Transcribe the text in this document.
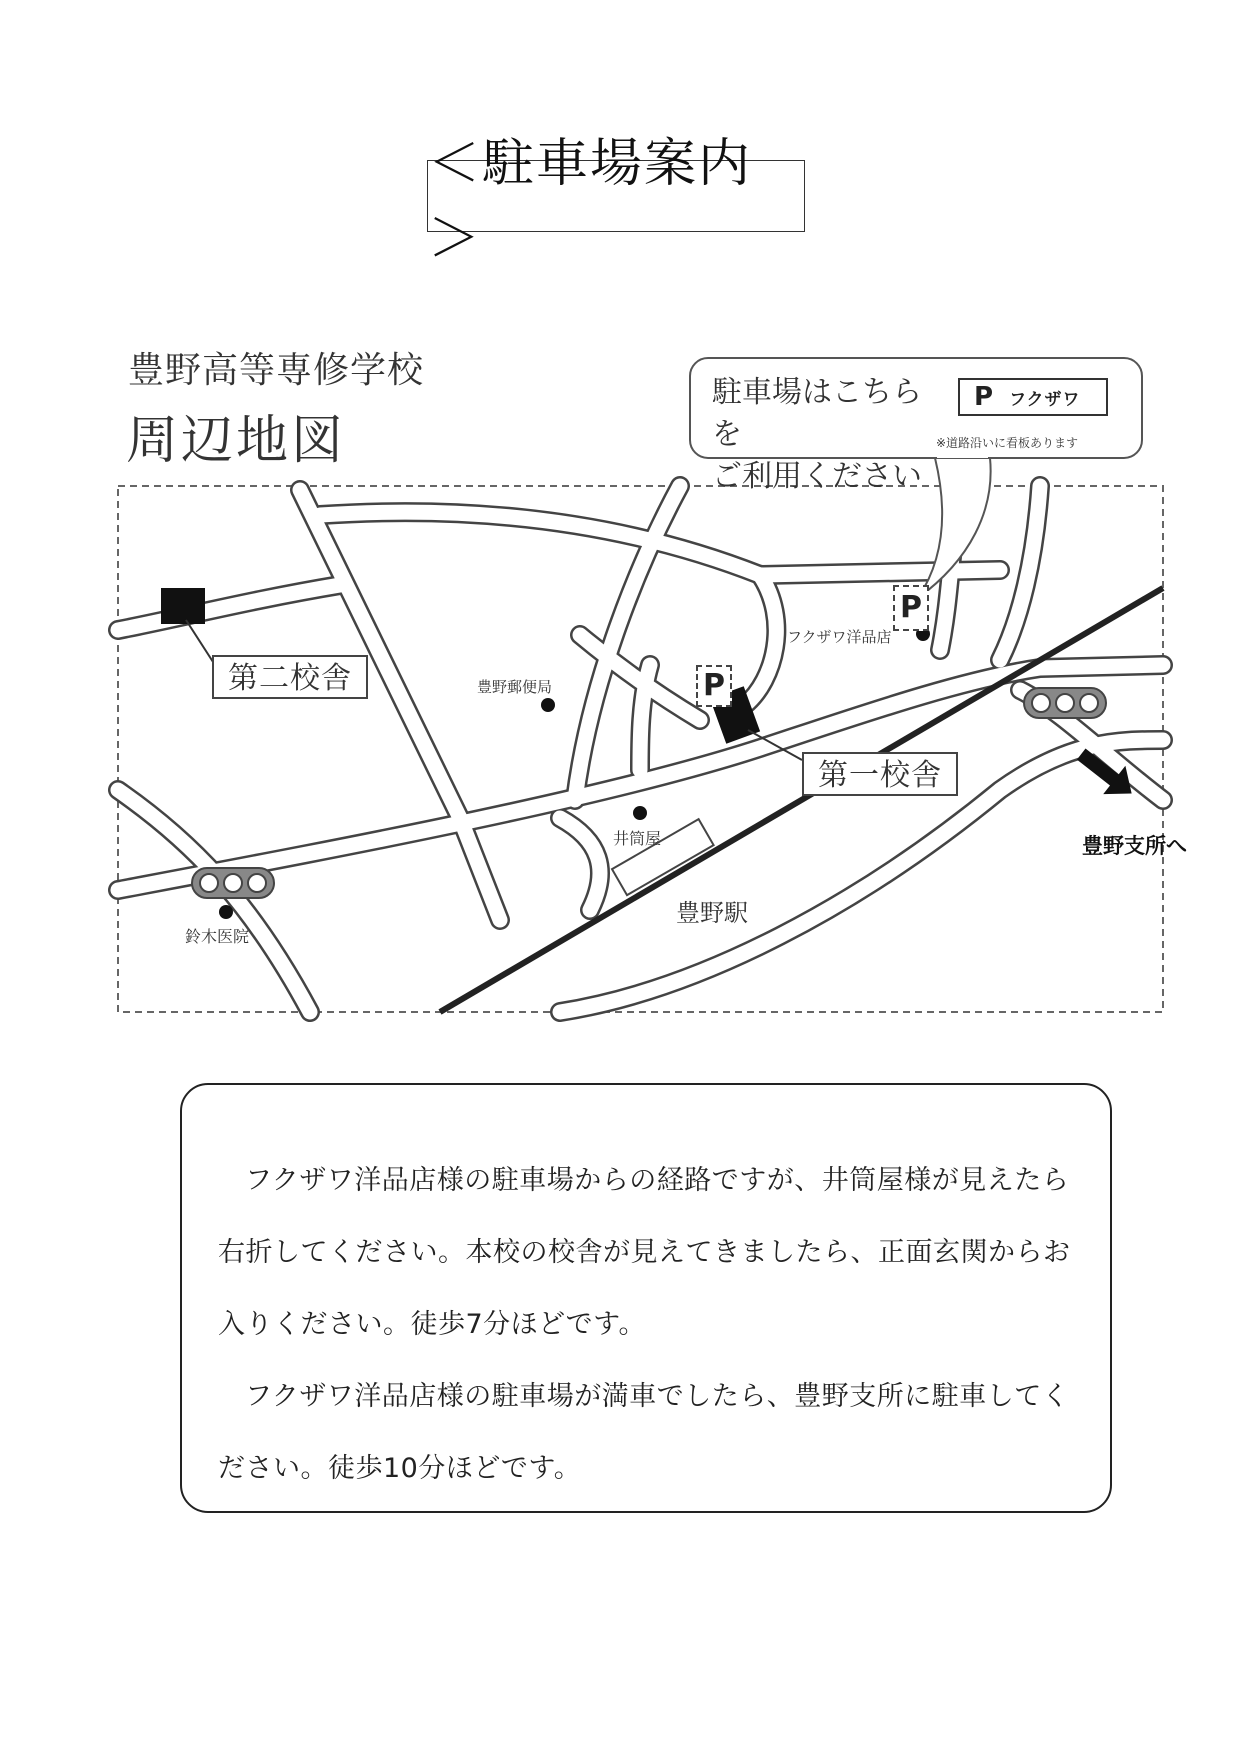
＜駐車場案内＞
豊野高等専修学校
周辺地図
駐車場はこちらを
ご利用ください
P フクザワ
※道路沿いに看板あります
第二校舎
第一校舎
P
P
豊野郵便局
フクザワ洋品店
井筒屋
豊野駅
鈴木医院
豊野支所へ

フクザワ洋品店様の駐車場からの経路ですが、井筒屋様が見えたら右折してください。本校の校舎が見えてきましたら、正面玄関からお入りください。徒歩7分ほどです。

フクザワ洋品店様の駐車場が満車でしたら、豊野支所に駐車してください。徒歩10分ほどです。
